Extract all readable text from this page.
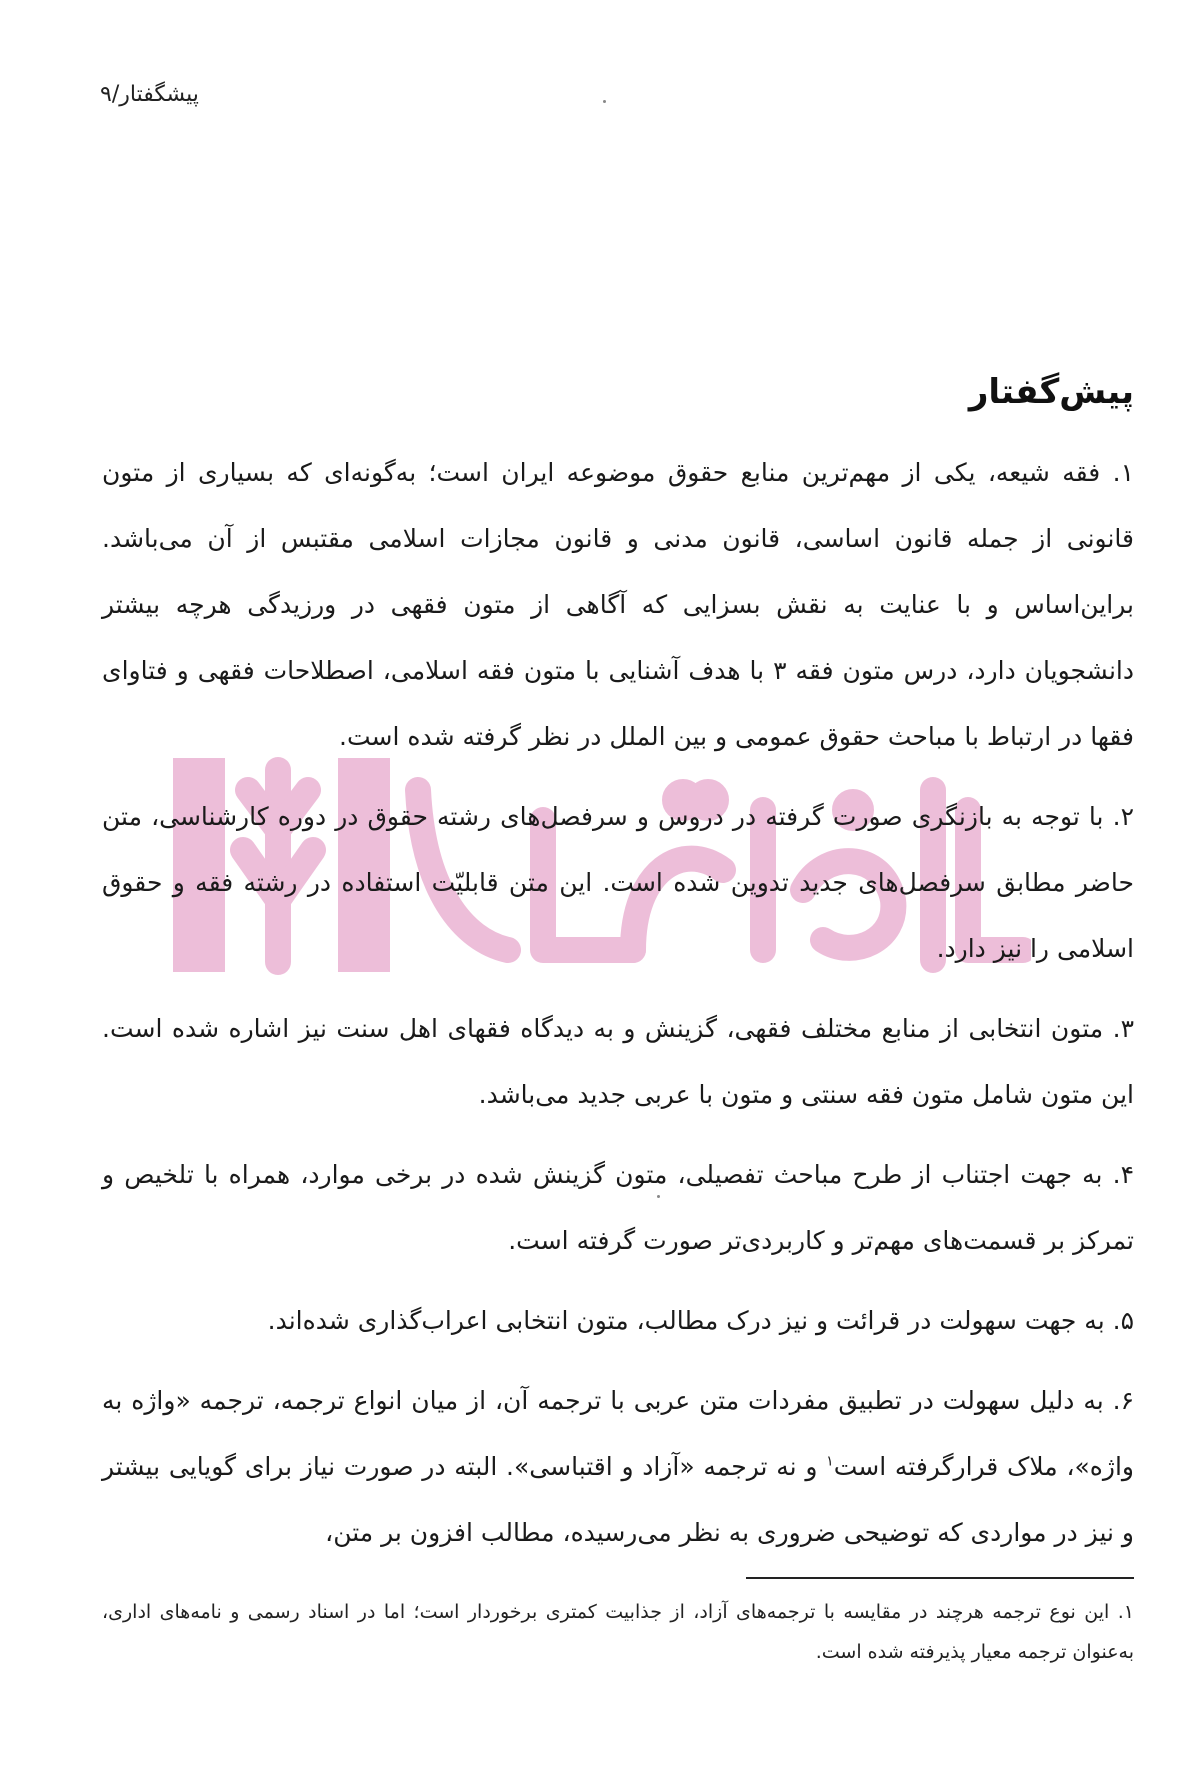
پیشگفتار/۹
پیش‌گفتار

۱. فقه شیعه، یکی از مهم‌ترین منابع حقوق موضوعه ایران است؛ به‌گونه‌ای که بسیاری از متون قانونی از جمله قانون اساسی، قانون مدنی و قانون مجازات اسلامی مقتبس از آن می‌باشد. براین‌اساس و با عنایت به نقش بسزایی که آگاهی از متون فقهی در ورزیدگی هرچه بیشتر دانشجویان دارد، درس متون فقه ۳ با هدف آشنایی با متون فقه اسلامی، اصطلاحات فقهی و فتاوای فقها در ارتباط با مباحث حقوق عمومی و بین الملل در نظر گرفته شده است.

۲. با توجه به بازنگری صورت گرفته در دروس و سرفصل‌های رشته حقوق در دوره کارشناسی، متن حاضر مطابق سرفصل‌های جدید تدوین شده است. این متن قابلیّت استفاده در رشته فقه و حقوق اسلامی را نیز دارد.

۳. متون انتخابی از منابع مختلف فقهی، گزینش و به دیدگاه فقهای اهل سنت نیز اشاره شده است. این متون شامل متون فقه سنتی و متون با عربی جدید می‌باشد.

۴. به جهت اجتناب از طرح مباحث تفصیلی، متون گزینش شده در برخی موارد، همراه با تلخیص و تمرکز بر قسمت‌های مهم‌تر و کاربردی‌تر صورت گرفته است.

۵. به جهت سهولت در قرائت و نیز درک مطالب، متون انتخابی اعراب‌گذاری شده‌اند.

۶. به دلیل سهولت در تطبیق مفردات متن عربی با ترجمه آن، از میان انواع ترجمه، ترجمه «واژه به واژه»، ملاک قرارگرفته است$^۱$ و نه ترجمه «آزاد و اقتباسی». البته در صورت نیاز برای گویایی بیشتر و نیز در مواردی که توضیحی ضروری به نظر می‌رسیده، مطالب افزون بر متن،

۱. این نوع ترجمه هرچند در مقایسه با ترجمه‌های آزاد، از جذابیت کمتری برخوردار است؛ اما در اسناد رسمی و نامه‌های اداری، به‌عنوان ترجمه معیار پذیرفته شده است.
